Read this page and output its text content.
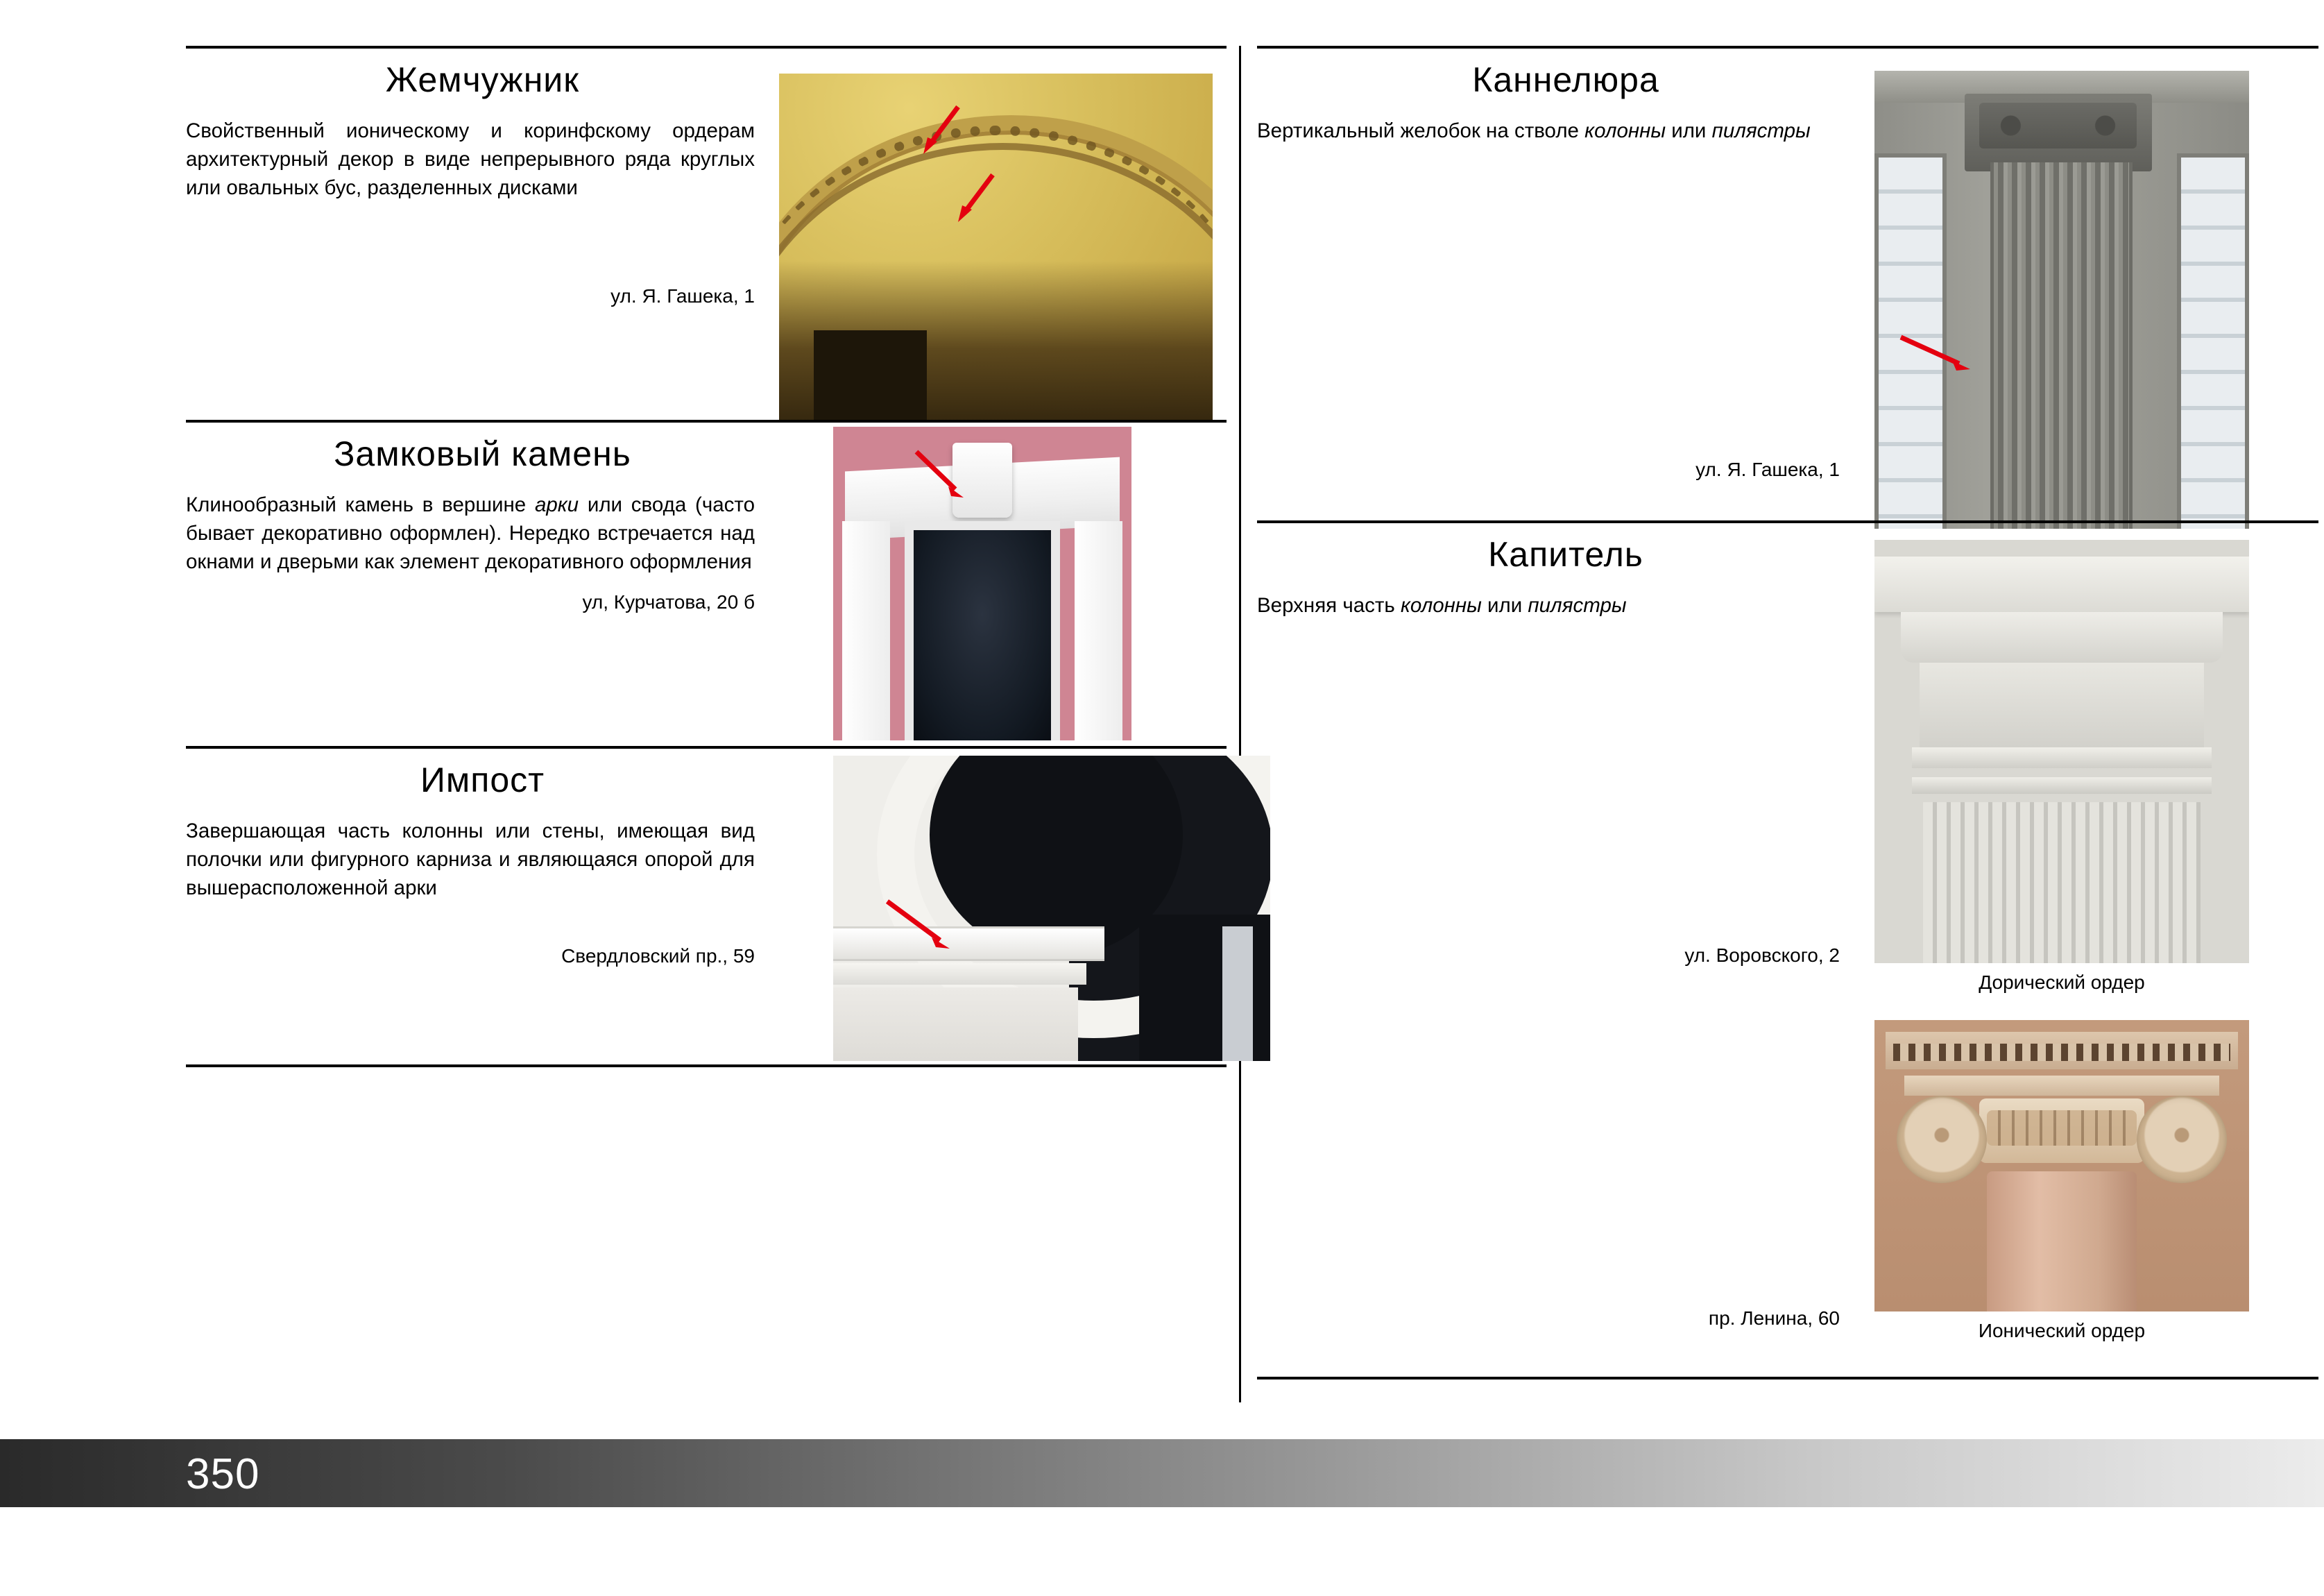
Жемчужник
Свойственный ионическому и коринфскому ордерам архитектурный декор в виде непрерывного ряда круглых или овальных бус, разделенных дисками
ул. Я. Гашека, 1
Замковый камень
Клинообразный камень в вершине арки или свода (часто бывает декоративно оформлен). Нередко встречается над окнами и дверьми как элемент декоративного оформления
ул, Курчатова, 20 б
Импост
Завершающая часть колонны или стены, имеющая вид полочки или фигурного карниза и являющаяся опорой для вышерасположенной арки
Свердловский пр., 59
Каннелюра
Вертикальный желобок на стволе колонны или пилястры
ул. Я. Гашека, 1
Капитель
Верхняя часть колонны или пилястры
ул. Воровского, 2
Дорический ордер
пр. Ленина, 60
Ионический ордер
350
